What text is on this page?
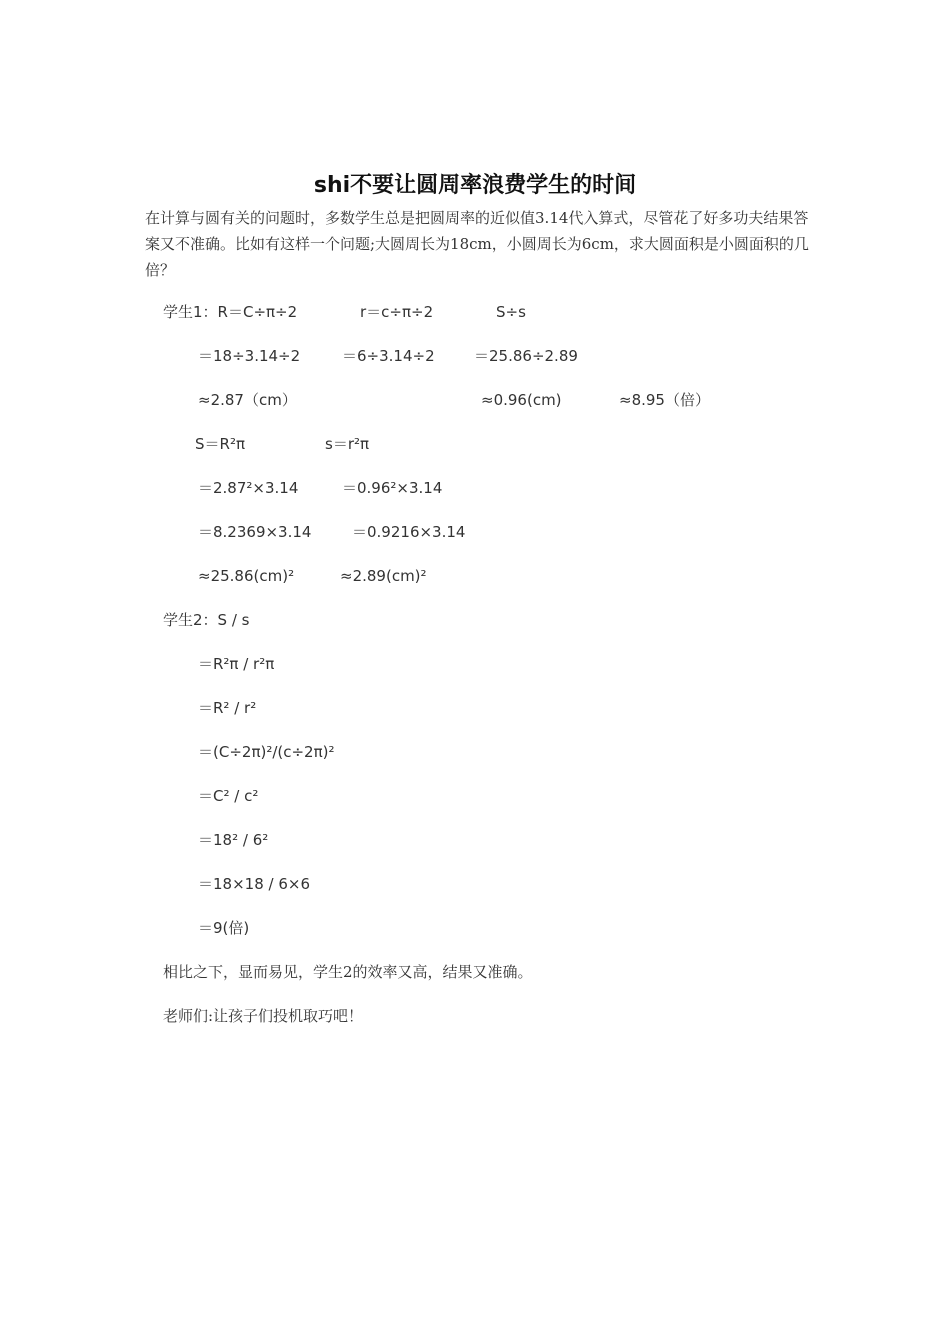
shi不要让圆周率浪费学生的时间
在计算与圆有关的问题时，多数学生总是把圆周率的近似值3.14代入算式，尽管花了好多功夫结果答案又不准确。比如有这样一个问题;大圆周长为18cm，小圆周长为6cm，求大圆面积是小圆面积的几倍？
学生1：R＝C÷π÷2	r＝c÷π÷2	S÷s
＝18÷3.14÷2	＝6÷3.14÷2	＝25.86÷2.89
≈2.87（cm）	≈0.96(cm)	≈8.95（倍）
S＝R²π	s＝r²π
＝2.87²×3.14	＝0.96²×3.14
＝8.2369×3.14	＝0.9216×3.14
≈25.86(cm)²	≈2.89(cm)²
学生2：S / s
＝R²π / r²π
＝R² / r²
＝(C÷2π)²/(c÷2π)²
＝C² / c²
＝18² / 6²
＝18×18 / 6×6
＝9(倍)
相比之下，显而易见，学生2的效率又高，结果又准确。
老师们:让孩子们投机取巧吧！
